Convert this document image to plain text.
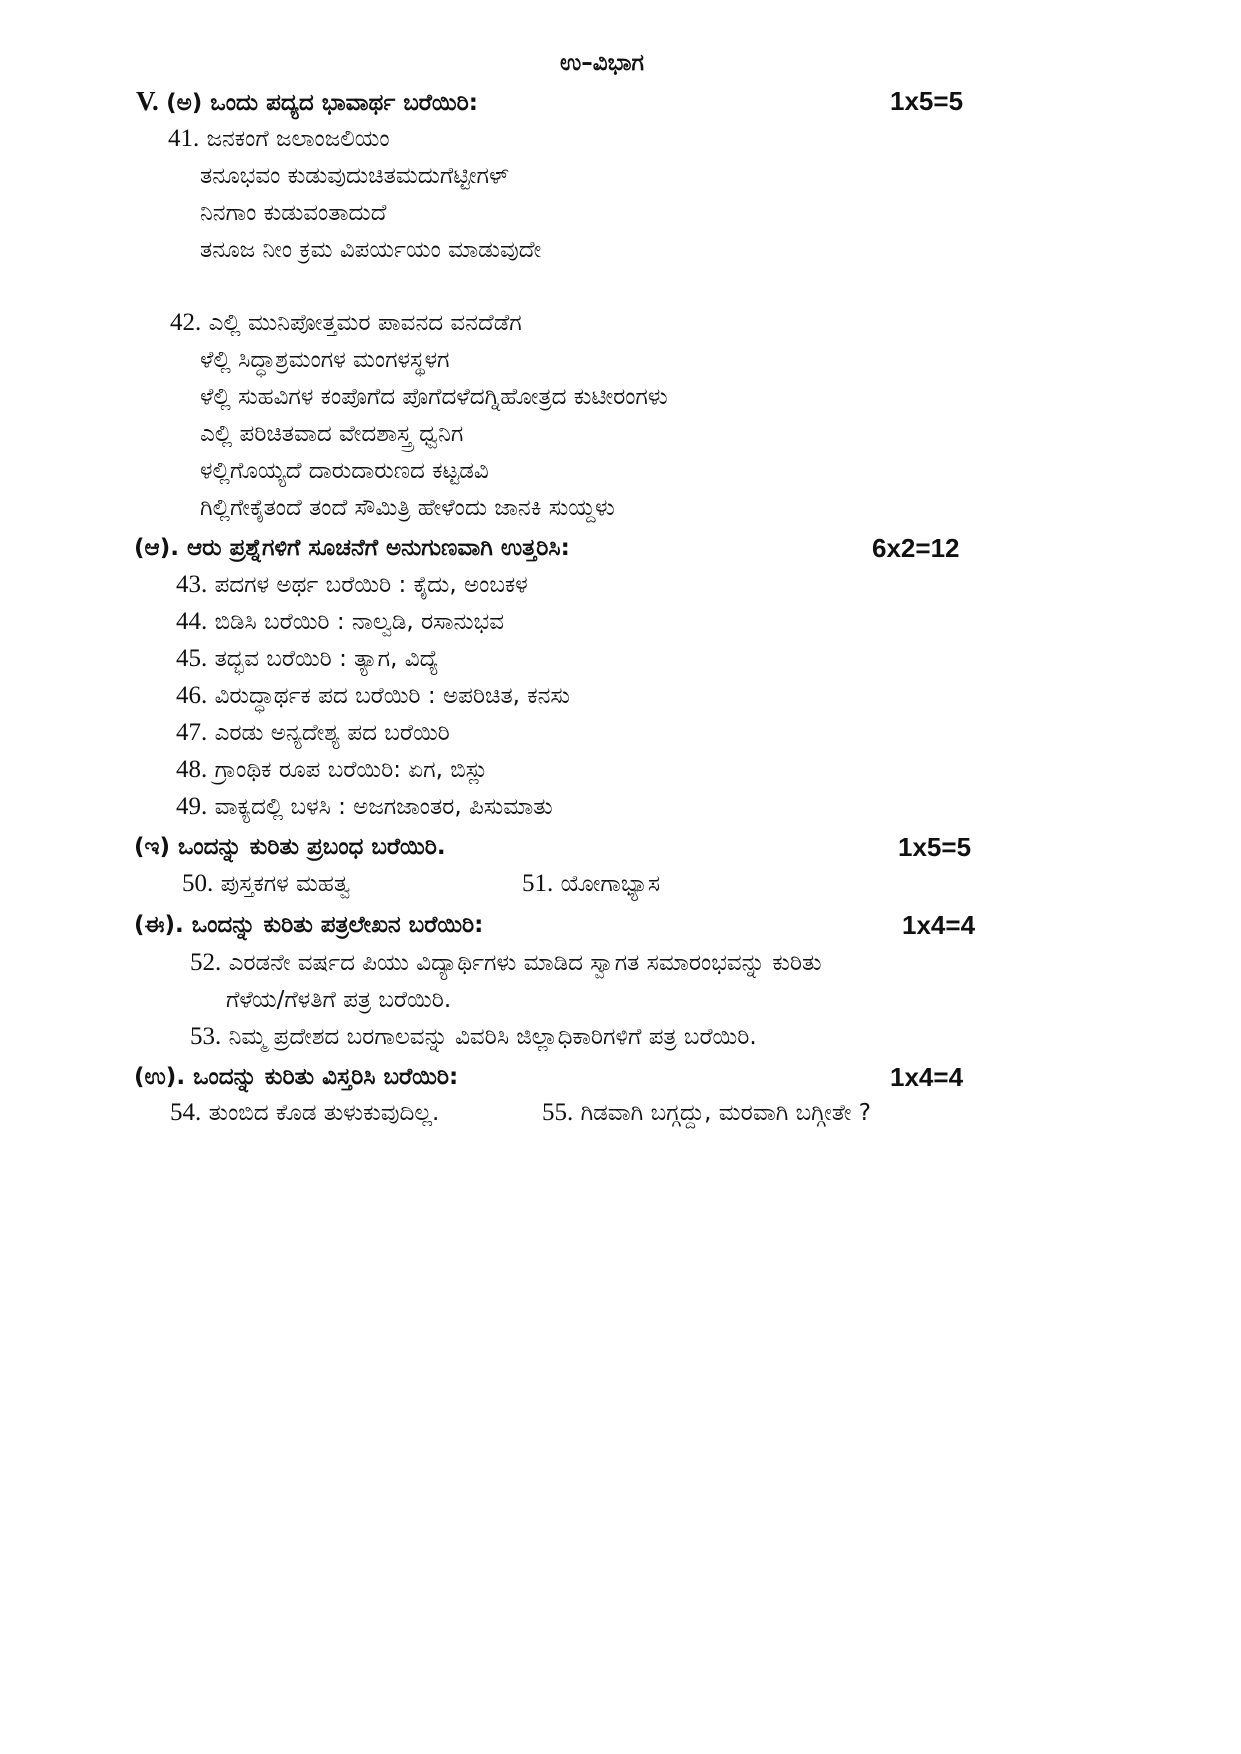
ಉ–ವಿಭಾಗ
V. (ಅ) ಒಂದು ಪದ್ಯದ ಭಾವಾರ್ಥ ಬರೆಯಿರಿ:	1x5=5
41. ಜನಕಂಗೆ ಜಲಾಂಜಲಿಯಂ
ತನೂಭವಂ ಕುಡುವುದುಚಿತಮದುಗೆಟ್ಟೀಗಳ್
ನಿನಗಾಂ ಕುಡುವಂತಾದುದೆ
ತನೂಜ ನೀಂ ಕ್ರಮ ವಿಪರ್ಯಯಂ ಮಾಡುವುದೇ
42. ಎಲ್ಲಿ ಮುನಿಪೋತ್ತಮರ ಪಾವನದ ವನದೆಡೆಗ
ಳೆಲ್ಲಿ ಸಿದ್ಧಾಶ್ರಮಂಗಳ ಮಂಗಳಸ್ಥಳಗ
ಳೆಲ್ಲಿ ಸುಹವಿಗಳ ಕಂಪೊಗೆದ ಪೊಗೆದಳೆದಗ್ನಿಹೋತ್ರದ ಕುಟೀರಂಗಳು
ಎಲ್ಲಿ ಪರಿಚಿತವಾದ ವೇದಶಾಸ್ತ್ರ ಧ್ವನಿಗ
ಳಲ್ಲಿಗೊಯ್ಯದೆ ದಾರುದಾರುಣದ ಕಟ್ಟಡವಿ
ಗಿಲ್ಲಿಗೇಕೈತಂದೆ ತಂದೆ ಸೌಮಿತ್ರಿ ಹೇಳೆಂದು ಜಾನಕಿ ಸುಯ್ದಳು
(ಆ). ಆರು ಪ್ರಶ್ನೆಗಳಿಗೆ ಸೂಚನೆಗೆ ಅನುಗುಣವಾಗಿ ಉತ್ತರಿಸಿ:	6x2=12
43. ಪದಗಳ ಅರ್ಥ ಬರೆಯಿರಿ : ಕೈದು, ಅಂಬಕಳ
44. ಬಿಡಿಸಿ ಬರೆಯಿರಿ : ನಾಲ್ವಡಿ, ರಸಾನುಭವ
45. ತದ್ಭವ ಬರೆಯಿರಿ : ತ್ಯಾಗ, ವಿದ್ಯೆ
46. ವಿರುದ್ಧಾರ್ಥಕ ಪದ ಬರೆಯಿರಿ : ಅಪರಿಚಿತ, ಕನಸು
47. ಎರಡು ಅನ್ಯದೇಶ್ಯ ಪದ ಬರೆಯಿರಿ
48. ಗ್ರಾಂಥಿಕ ರೂಪ ಬರೆಯಿರಿ: ಏಗ, ಬಿಸ್ಲು
49. ವಾಕ್ಯದಲ್ಲಿ ಬಳಸಿ : ಅಜಗಜಾಂತರ, ಪಿಸುಮಾತು
(ಇ) ಒಂದನ್ನು ಕುರಿತು ಪ್ರಬಂಧ ಬರೆಯಿರಿ.	1x5=5
50. ಪುಸ್ತಕಗಳ ಮಹತ್ವ	51. ಯೋಗಾಭ್ಯಾಸ
(ಈ). ಒಂದನ್ನು ಕುರಿತು ಪತ್ರಲೇಖನ ಬರೆಯಿರಿ:	1x4=4
52. ಎರಡನೇ ವರ್ಷದ ಪಿಯು ವಿದ್ಯಾರ್ಥಿಗಳು ಮಾಡಿದ ಸ್ವಾಗತ ಸಮಾರಂಭವನ್ನು ಕುರಿತು
ಗೆಳೆಯ/ಗೆಳತಿಗೆ ಪತ್ರ ಬರೆಯಿರಿ.
53. ನಿಮ್ಮ ಪ್ರದೇಶದ ಬರಗಾಲವನ್ನು ವಿವರಿಸಿ ಜಿಲ್ಲಾಧಿಕಾರಿಗಳಿಗೆ ಪತ್ರ ಬರೆಯಿರಿ.
(ಉ). ಒಂದನ್ನು ಕುರಿತು ವಿಸ್ತರಿಸಿ ಬರೆಯಿರಿ:	1x4=4
54. ತುಂಬಿದ ಕೊಡ ತುಳುಕುವುದಿಲ್ಲ.	55. ಗಿಡವಾಗಿ ಬಗ್ಗದ್ದು, ಮರವಾಗಿ ಬಗ್ಗೀತೇ ?
